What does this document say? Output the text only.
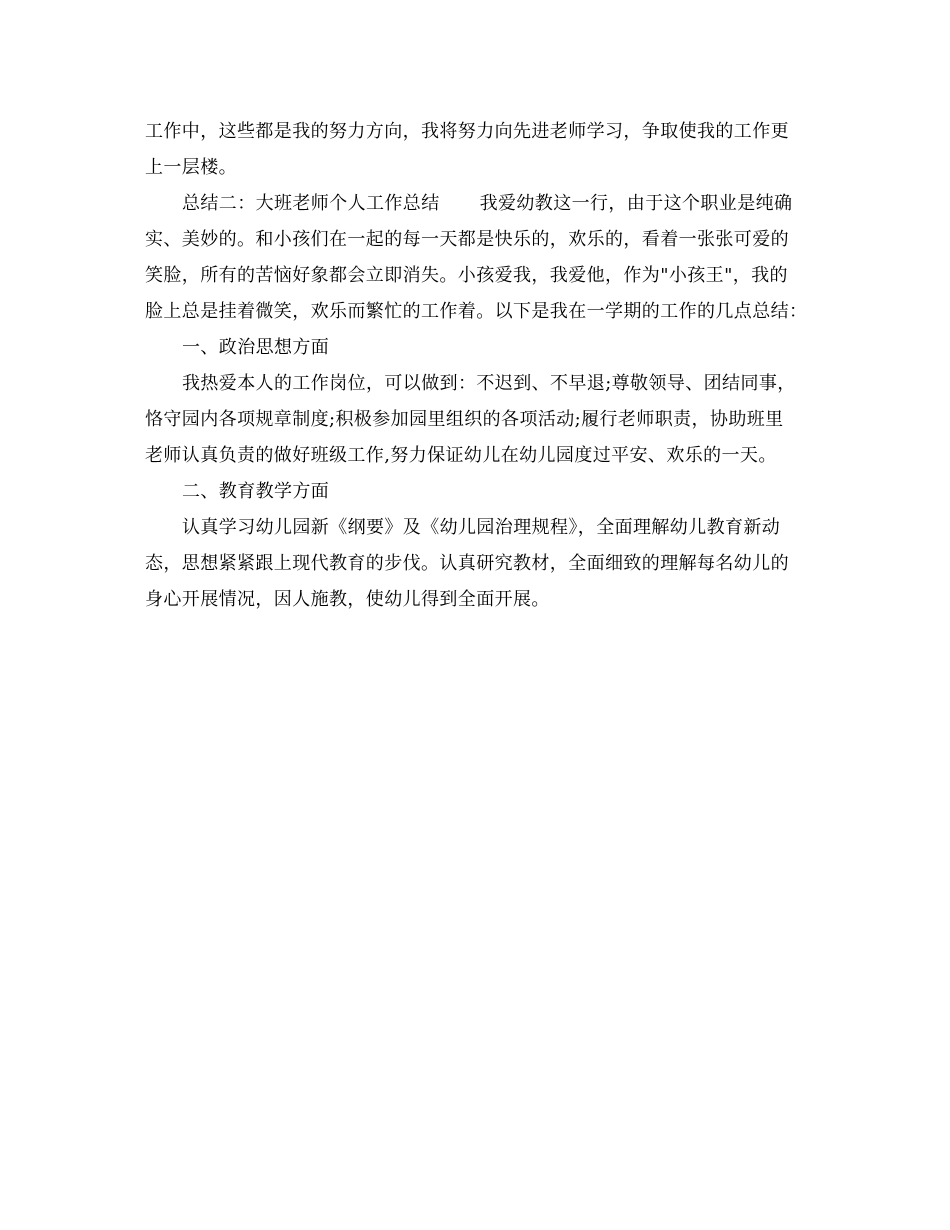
工作中，这些都是我的努力方向，我将努力向先进老师学习，争取使我的工作更
上一层楼。
总结二：大班老师个人工作总结 我爱幼教这一行，由于这个职业是纯确
实、美妙的。和小孩们在一起的每一天都是快乐的，欢乐的，看着一张张可爱的
笑脸，所有的苦恼好象都会立即消失。小孩爱我，我爱他，作为"小孩王"，我的
脸上总是挂着微笑，欢乐而繁忙的工作着。以下是我在一学期的工作的几点总结：
一、政治思想方面
我热爱本人的工作岗位，可以做到：不迟到、不早退;尊敬领导、团结同事，
恪守园内各项规章制度;积极参加园里组织的各项活动;履行老师职责，协助班里
老师认真负责的做好班级工作,努力保证幼儿在幼儿园度过平安、欢乐的一天。
二、教育教学方面
认真学习幼儿园新《纲要》及《幼儿园治理规程》，全面理解幼儿教育新动
态，思想紧紧跟上现代教育的步伐。认真研究教材，全面细致的理解每名幼儿的
身心开展情况，因人施教，使幼儿得到全面开展。
